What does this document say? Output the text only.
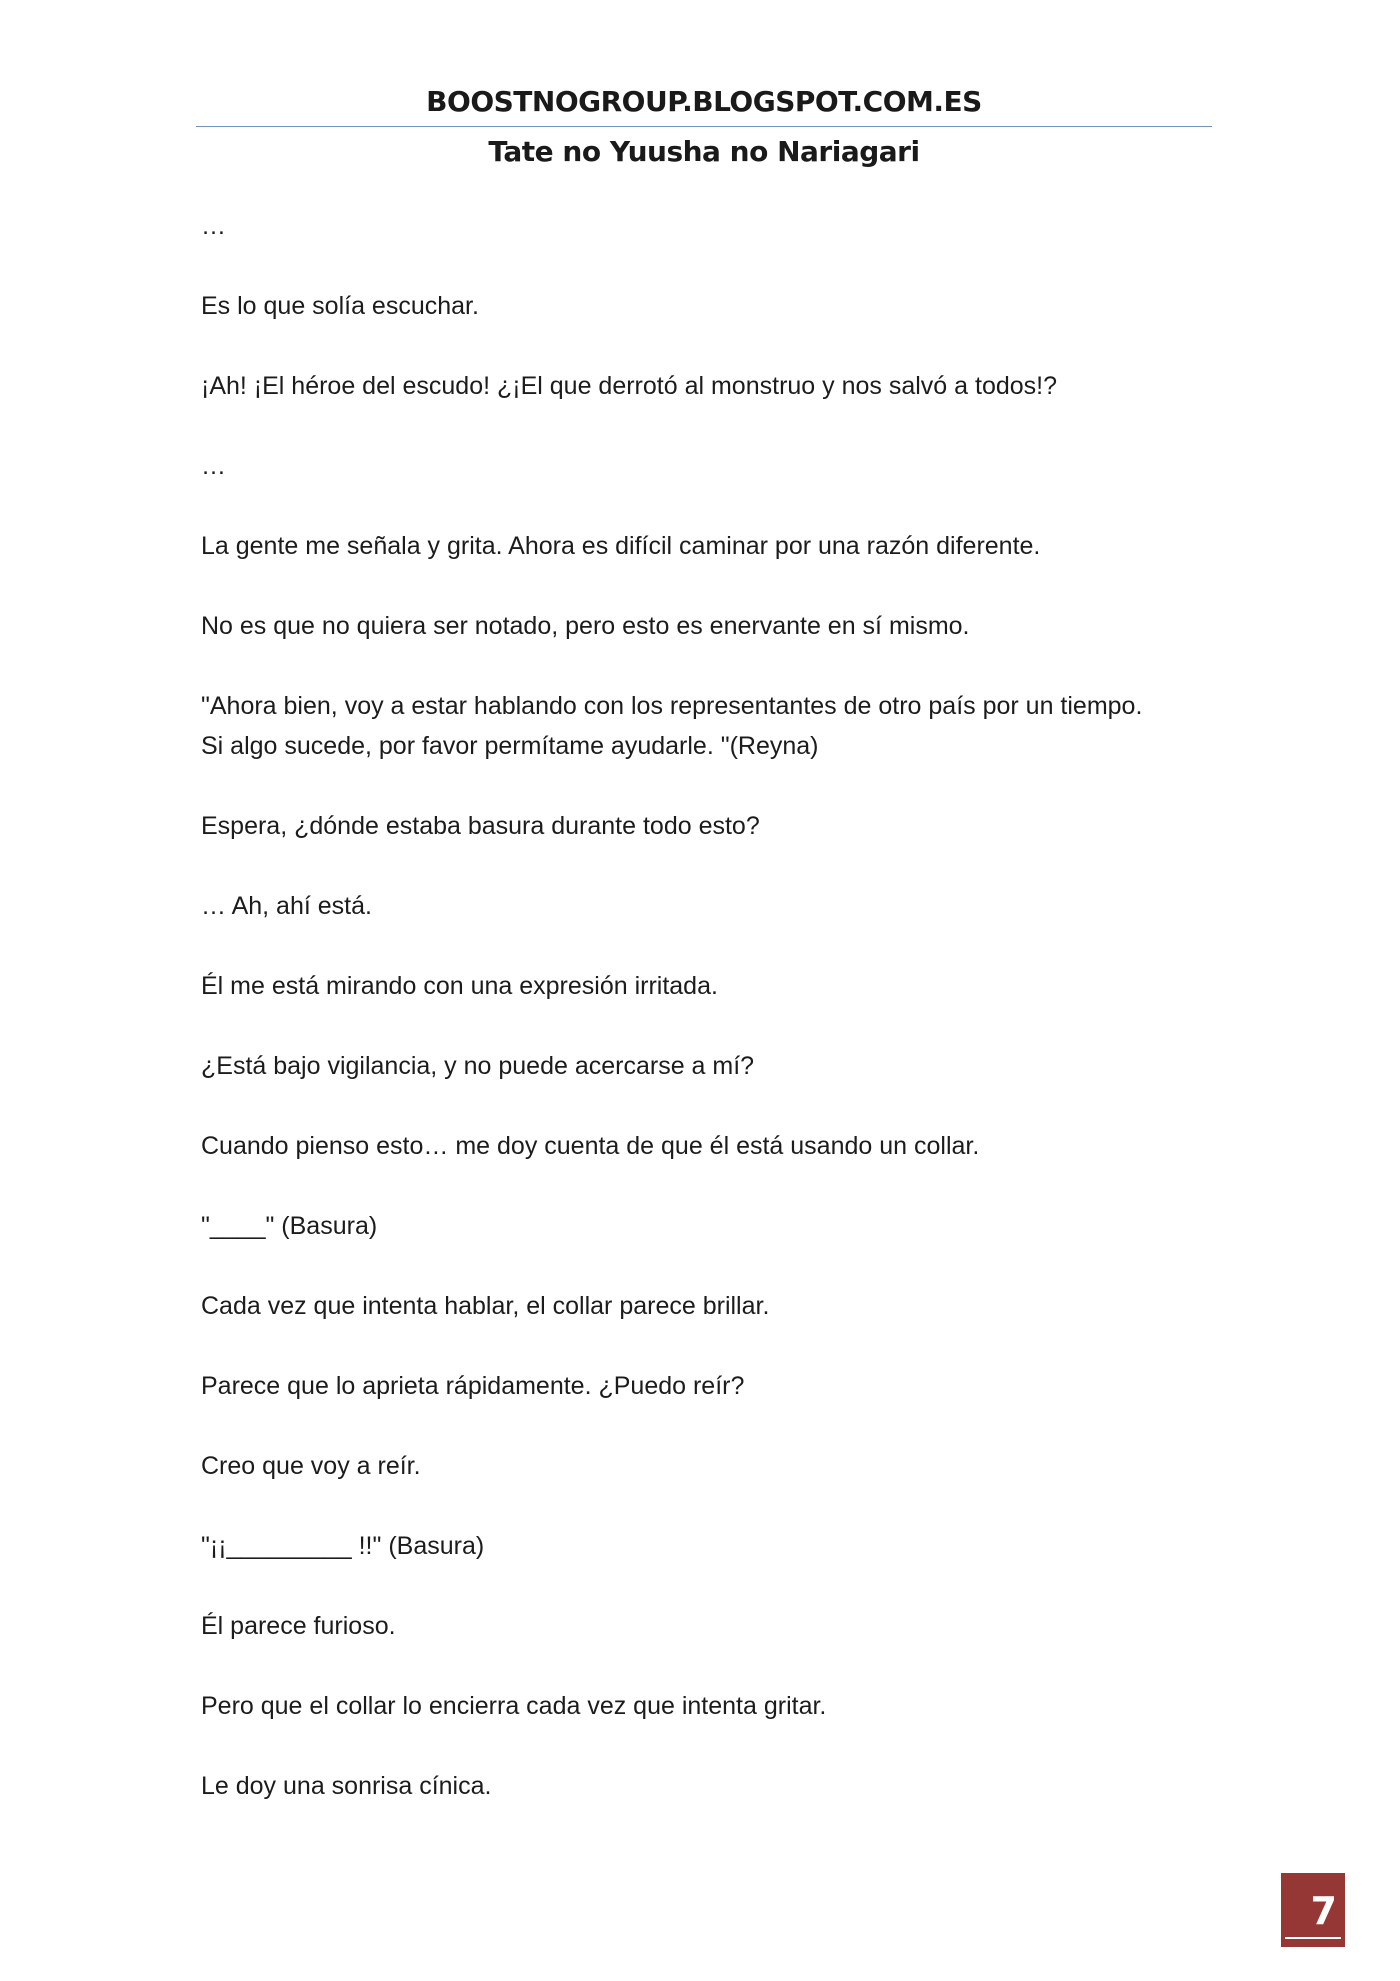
BOOSTNOGROUP.BLOGSPOT.COM.ES
Tate no Yuusha no Nariagari

…

Es lo que solía escuchar.

¡Ah! ¡El héroe del escudo! ¿¡El que derrotó al monstruo y nos salvó a todos!?

…

La gente me señala y grita. Ahora es difícil caminar por una razón diferente.

No es que no quiera ser notado, pero esto es enervante en sí mismo.

"Ahora bien, voy a estar hablando con los representantes de otro país por un tiempo.
Si algo sucede, por favor permítame ayudarle. "(Reyna)

Espera, ¿dónde estaba basura durante todo esto?

… Ah, ahí está.

Él me está mirando con una expresión irritada.

¿Está bajo vigilancia, y no puede acercarse a mí?

Cuando pienso esto… me doy cuenta de que él está usando un collar.

"____" (Basura)

Cada vez que intenta hablar, el collar parece brillar.

Parece que lo aprieta rápidamente. ¿Puedo reír?

Creo que voy a reír.

"¡¡_________ !!" (Basura)

Él parece furioso.

Pero que el collar lo encierra cada vez que intenta gritar.

Le doy una sonrisa cínica.

7
